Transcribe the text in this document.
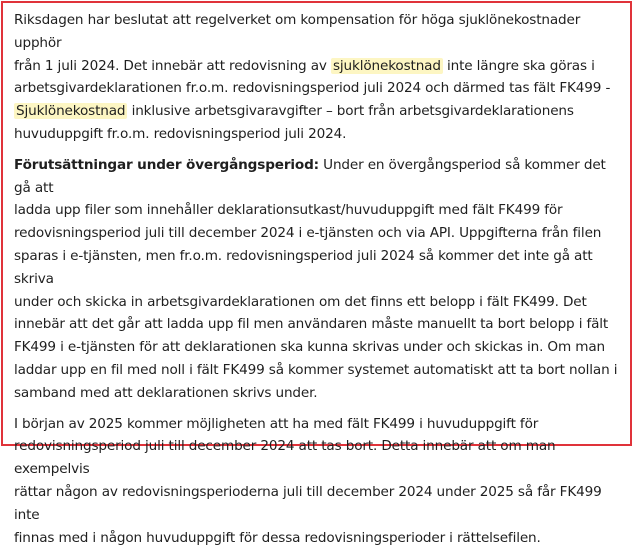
Riksdagen har beslutat att regelverket om kompensation för höga sjuklönekostnader upphör
från 1 juli 2024. Det innebär att redovisning av sjuklönekostnad inte längre ska göras i
arbetsgivardeklarationen fr.o.m. redovisningsperiod juli 2024 och därmed tas fält FK499 -
Sjuklönekostnad inklusive arbetsgivaravgifter – bort från arbetsgivardeklarationens
huvuduppgift fr.o.m. redovisningsperiod juli 2024.

Förutsättningar under övergångsperiod: Under en övergångsperiod så kommer det gå att
ladda upp filer som innehåller deklarationsutkast/huvuduppgift med fält FK499 för
redovisningsperiod juli till december 2024 i e-tjänsten och via API. Uppgifterna från filen
sparas i e-tjänsten, men fr.o.m. redovisningsperiod juli 2024 så kommer det inte gå att skriva
under och skicka in arbetsgivardeklarationen om det finns ett belopp i fält FK499. Det
innebär att det går att ladda upp fil men användaren måste manuellt ta bort belopp i fält
FK499 i e-tjänsten för att deklarationen ska kunna skrivas under och skickas in. Om man
laddar upp en fil med noll i fält FK499 så kommer systemet automatiskt att ta bort nollan i
samband med att deklarationen skrivs under.

I början av 2025 kommer möjligheten att ha med fält FK499 i huvuduppgift för
redovisningsperiod juli till december 2024 att tas bort. Detta innebär att om man exempelvis
rättar någon av redovisningsperioderna juli till december 2024 under 2025 så får FK499 inte
finnas med i någon huvuduppgift för dessa redovisningsperioder i rättelsefilen.
